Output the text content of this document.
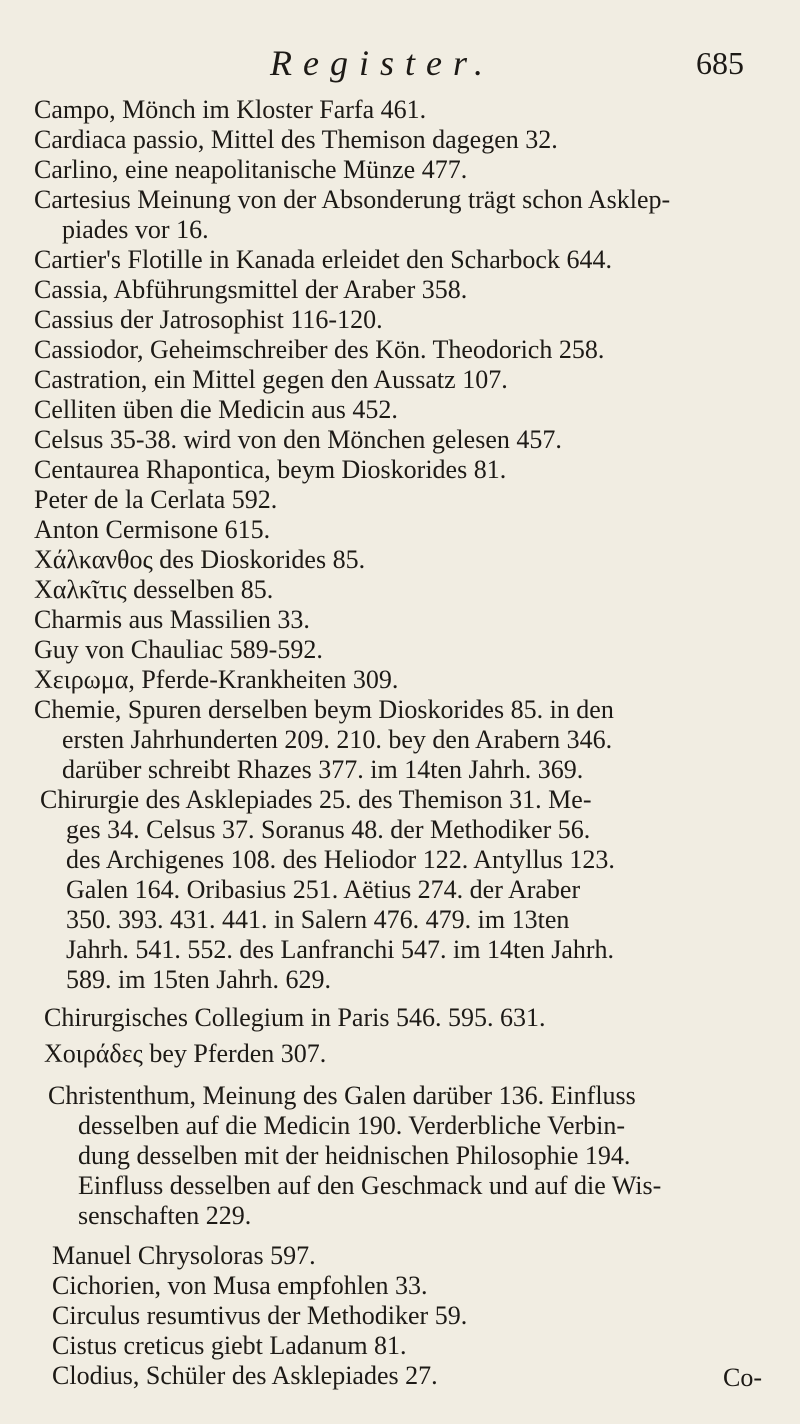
Register.	685
Campo, Mönch im Kloster Farfa 461.
Cardiaca passio, Mittel des Themison dagegen 32.
Carlino, eine neapolitanische Münze 477.
Cartesius Meinung von der Absonderung trägt schon Asklep-
piades vor 16.
Cartier's Flotille in Kanada erleidet den Scharbock 644.
Cassia, Abführungsmittel der Araber 358.
Cassius der Jatrosophist 116-120.
Cassiodor, Geheimschreiber des Kön. Theodorich 258.
Castration, ein Mittel gegen den Aussatz 107.
Celliten üben die Medicin aus 452.
Celsus 35-38. wird von den Mönchen gelesen 457.
Centaurea Rhapontica, beym Dioskorides 81.
Peter de la Cerlata 592.
Anton Cermisone 615.
Χάλκανθος des Dioskorides 85.
Χαλκῖτις desselben 85.
Charmis aus Massilien 33.
Guy von Chauliac 589-592.
Χειρωμα, Pferde-Krankheiten 309.
Chemie, Spuren derselben beym Dioskorides 85. in den
ersten Jahrhunderten 209. 210. bey den Arabern 346.
darüber schreibt Rhazes 377. im 14ten Jahrh. 369.
Chirurgie des Asklepiades 25. des Themison 31. Me-
ges 34. Celsus 37. Soranus 48. der Methodiker 56.
des Archigenes 108. des Heliodor 122. Antyllus 123.
Galen 164. Oribasius 251. Aëtius 274. der Araber
350. 393. 431. 441. in Salern 476. 479. im 13ten
Jahrh. 541. 552. des Lanfranchi 547. im 14ten Jahrh.
589. im 15ten Jahrh. 629.
Chirurgisches Collegium in Paris 546. 595. 631.
Χοιράδες bey Pferden 307.
Christenthum, Meinung des Galen darüber 136. Einfluss
desselben auf die Medicin 190. Verderbliche Verbin-
dung desselben mit der heidnischen Philosophie 194.
Einfluss desselben auf den Geschmack und auf die Wis-
senschaften 229.
Manuel Chrysoloras 597.
Cichorien, von Musa empfohlen 33.
Circulus resumtivus der Methodiker 59.
Cistus creticus giebt Ladanum 81.
Clodius, Schüler des Asklepiades 27.	Co-
